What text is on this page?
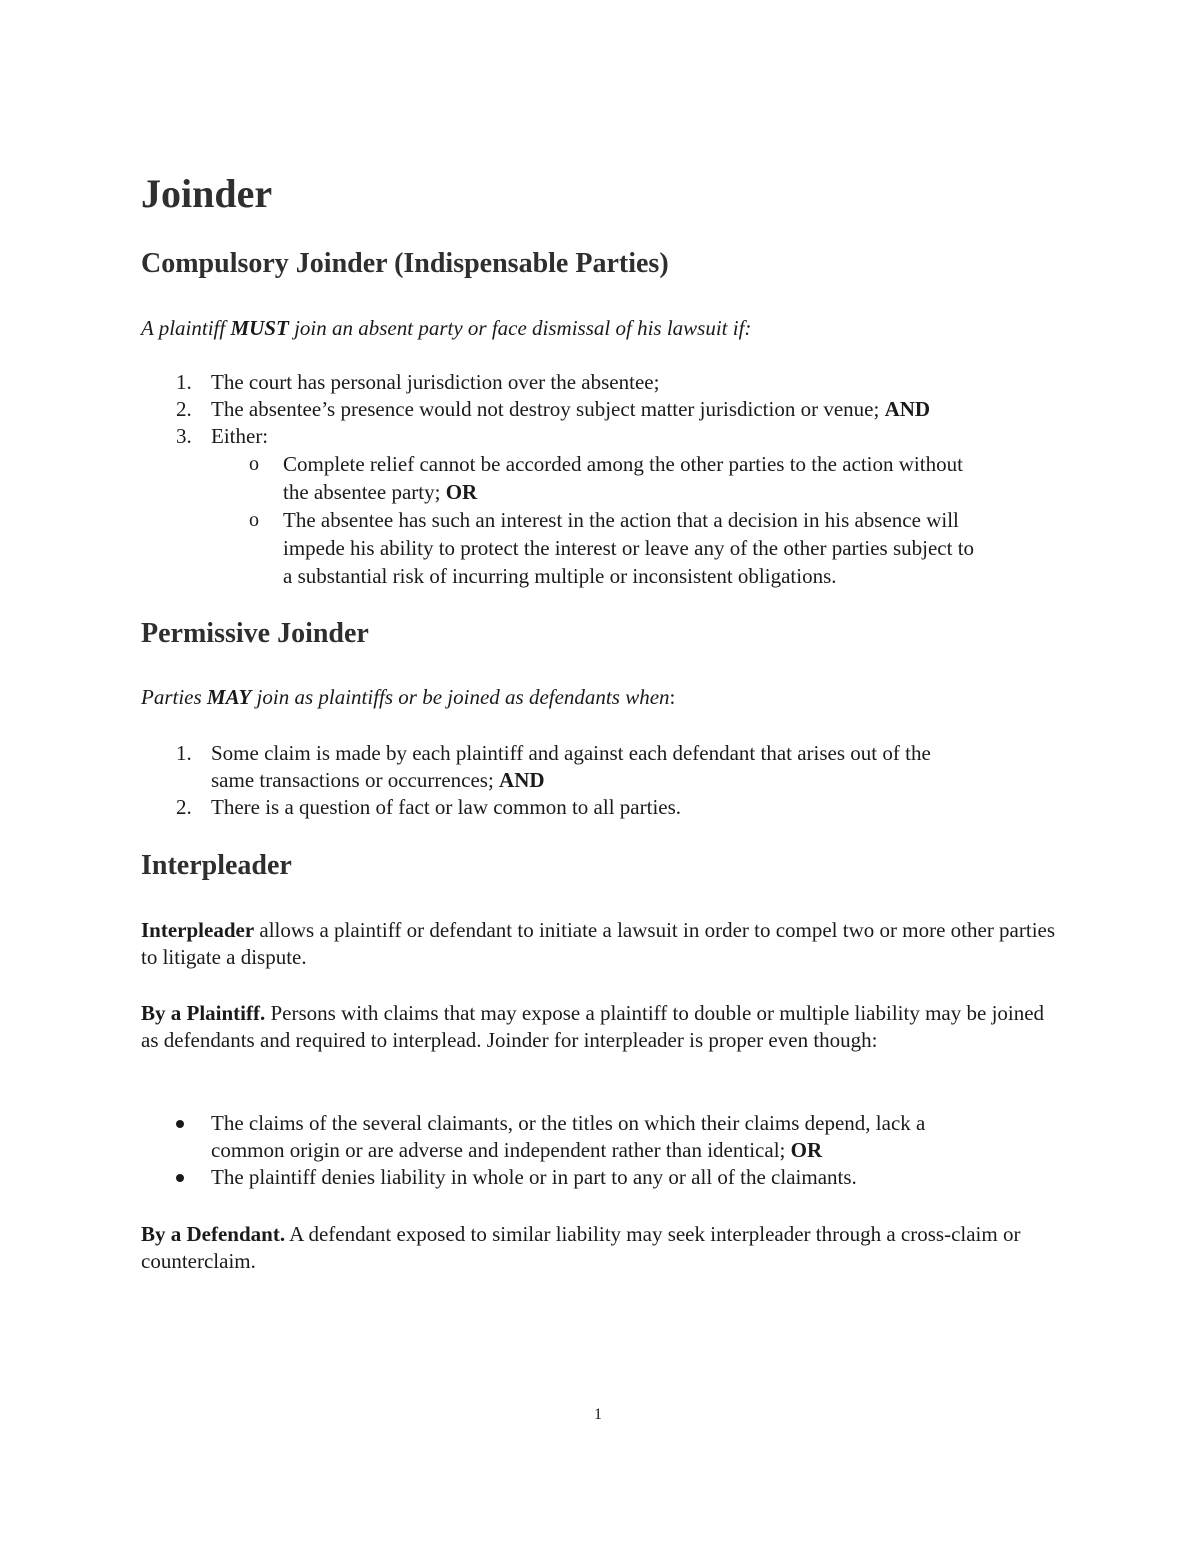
Joinder
Compulsory Joinder (Indispensable Parties)

A plaintiff MUST join an absent party or face dismissal of his lawsuit if:

1. The court has personal jurisdiction over the absentee;
2. The absentee’s presence would not destroy subject matter jurisdiction or venue; AND
3. Either:
o Complete relief cannot be accorded among the other parties to the action without
the absentee party; OR
o The absentee has such an interest in the action that a decision in his absence will
impede his ability to protect the interest or leave any of the other parties subject to
a substantial risk of incurring multiple or inconsistent obligations.
Permissive Joinder

Parties MAY join as plaintiffs or be joined as defendants when:

1. Some claim is made by each plaintiff and against each defendant that arises out of the
same transactions or occurrences; AND
2. There is a question of fact or law common to all parties.
Interpleader

Interpleader allows a plaintiff or defendant to initiate a lawsuit in order to compel two or more other parties to litigate a dispute.

By a Plaintiff. Persons with claims that may expose a plaintiff to double or multiple liability may be joined as defendants and required to interplead. Joinder for interpleader is proper even though:

The claims of the several claimants, or the titles on which their claims depend, lack a
common origin or are adverse and independent rather than identical; OR
The plaintiff denies liability in whole or in part to any or all of the claimants.

By a Defendant. A defendant exposed to similar liability may seek interpleader through a cross-claim or counterclaim.

1
